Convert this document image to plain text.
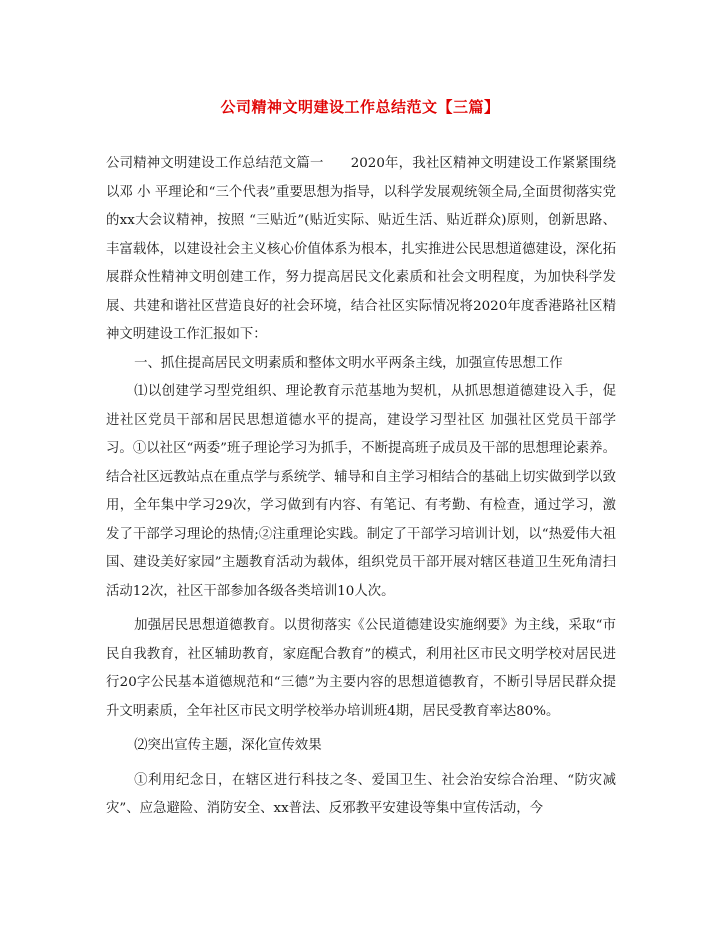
公司精神文明建设工作总结范文【三篇】

公司精神文明建设工作总结范文篇一　　2020年，我社区精神文明建设工作紧紧围绕以邓 小 平理论和“三个代表”重要思想为指导，以科学发展观统领全局,全面贯彻落实党的xx大会议精神，按照 “三贴近”(贴近实际、贴近生活、贴近群众)原则，创新思路、丰富载体，以建设社会主义核心价值体系为根本，扎实推进公民思想道德建设，深化拓展群众性精神文明创建工作，努力提高居民文化素质和社会文明程度，为加快科学发展、共建和谐社区营造良好的社会环境，结合社区实际情况将2020年度香港路社区精神文明建设工作汇报如下：

一、抓住提高居民文明素质和整体文明水平两条主线，加强宣传思想工作

⑴以创建学习型党组织、理论教育示范基地为契机，从抓思想道德建设入手，促进社区党员干部和居民思想道德水平的提高，建设学习型社区 加强社区党员干部学习。①以社区“两委”班子理论学习为抓手，不断提高班子成员及干部的思想理论素养。结合社区远教站点在重点学与系统学、辅导和自主学习相结合的基础上切实做到学以致用，全年集中学习29次，学习做到有内容、有笔记、有考勤、有检查，通过学习，激发了干部学习理论的热情;②注重理论实践。制定了干部学习培训计划，以“热爱伟大祖国、建设美好家园”主题教育活动为载体，组织党员干部开展对辖区巷道卫生死角清扫活动12次，社区干部参加各级各类培训10人次。

加强居民思想道德教育。以贯彻落实《公民道德建设实施纲要》为主线，采取“市民自我教育，社区辅助教育，家庭配合教育”的模式，利用社区市民文明学校对居民进行20字公民基本道德规范和“三德”为主要内容的思想道德教育，不断引导居民群众提升文明素质，全年社区市民文明学校举办培训班4期，居民受教育率达80%。

⑵突出宣传主题，深化宣传效果

①利用纪念日，在辖区进行科技之冬、爱国卫生、社会治安综合治理、“防灾减灾”、应急避险、消防安全、xx普法、反邪教平安建设等集中宣传活动，今
